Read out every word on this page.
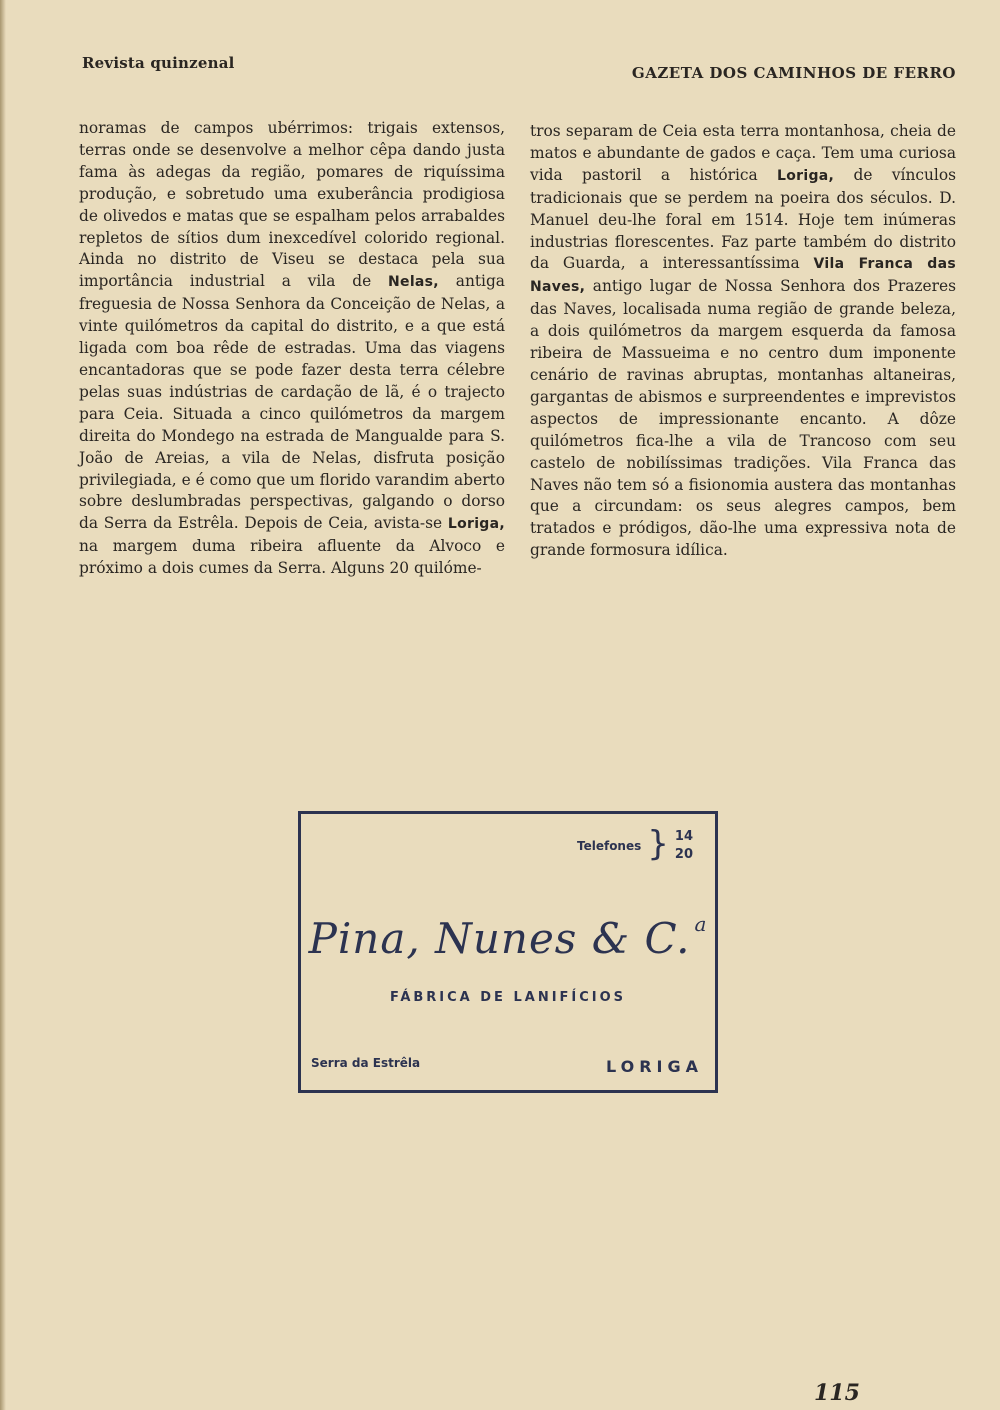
Revista quinzenal
GAZETA DOS CAMINHOS DE FERRO

noramas de campos ubérrimos: trigais extensos, terras onde se desenvolve a melhor cêpa dando justa fama às adegas da região, pomares de riquíssima produção, e sobretudo uma exuberância prodigiosa de olivedos e matas que se espalham pelos arrabaldes repletos de sítios dum inexcedível colorido regional. Ainda no distrito de Viseu se destaca pela sua importância industrial a vila de Nelas, antiga freguesia de Nossa Senhora da Conceição de Nelas, a vinte quilómetros da capital do distrito, e a que está ligada com boa rêde de estradas. Uma das viagens encantadoras que se pode fazer desta terra célebre pelas suas indústrias de cardação de lã, é o trajecto para Ceia. Situada a cinco quilómetros da margem direita do Mondego na estrada de Mangualde para S. João de Areias, a vila de Nelas, disfruta posição privilegiada, e é como que um florido varandim aberto sobre deslumbradas perspectivas, galgando o dorso da Serra da Estrêla. Depois de Ceia, avista-se Loriga, na margem duma ribeira afluente da Alvoco e próximo a dois cumes da Serra. Alguns 20 quilóme-

tros separam de Ceia esta terra montanhosa, cheia de matos e abundante de gados e caça. Tem uma curiosa vida pastoril a histórica Loriga, de vínculos tradicionais que se perdem na poeira dos séculos. D. Manuel deu-lhe foral em 1514. Hoje tem inúmeras industrias florescentes. Faz parte também do distrito da Guarda, a interessantíssima Vila Franca das Naves, antigo lugar de Nossa Senhora dos Prazeres das Naves, localisada numa região de grande beleza, a dois quilómetros da margem esquerda da famosa ribeira de Massueima e no centro dum imponente cenário de ravinas abruptas, montanhas altaneiras, gargantas de abismos e surpreendentes e imprevistos aspectos de impressionante encanto. A dôze quilómetros fica-lhe a vila de Trancoso com seu castelo de nobilíssimas tradições. Vila Franca das Naves não tem só a fisionomia austera das montanhas que a circundam: os seus alegres campos, bem tratados e pródigos, dão-lhe uma expressiva nota de grande formosura idílica.

Telefones } 14
20
Pina, Nunes & C. $^a$
FÁBRICA DE LANIFÍCIOS
Serra da Estrêla	LORIGA
115
